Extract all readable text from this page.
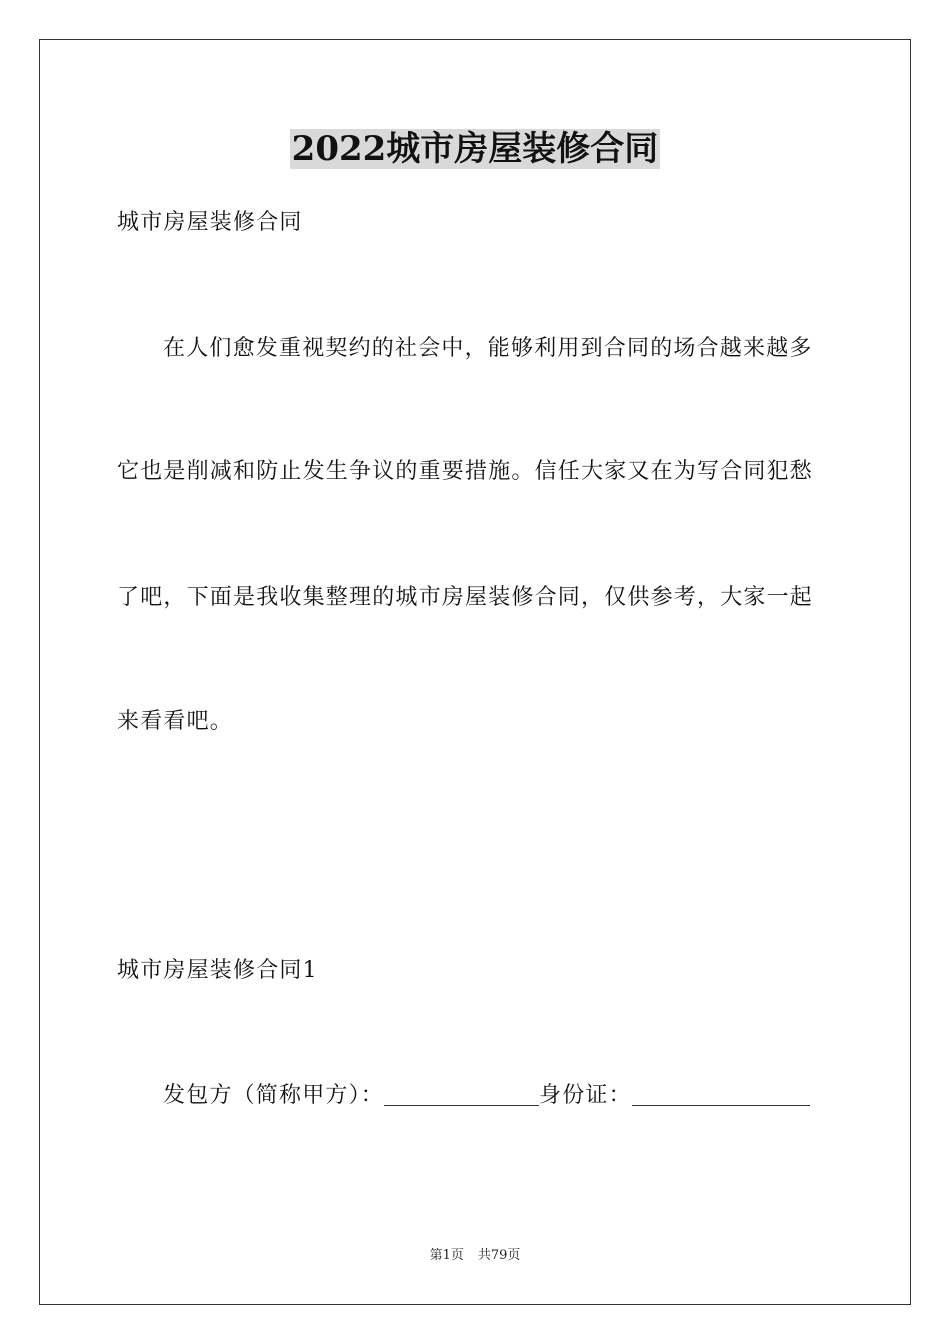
2022城市房屋装修合同
城市房屋装修合同
在人们愈发重视契约的社会中，能够利用到合同的场合越来越多
它也是削减和防止发生争议的重要措施。信任大家又在为写合同犯愁
了吧，下面是我收集整理的城市房屋装修合同，仅供参考，大家一起
来看看吧。
城市房屋装修合同1
发包方（简称甲方）：	身份证：
第1页 共79页
